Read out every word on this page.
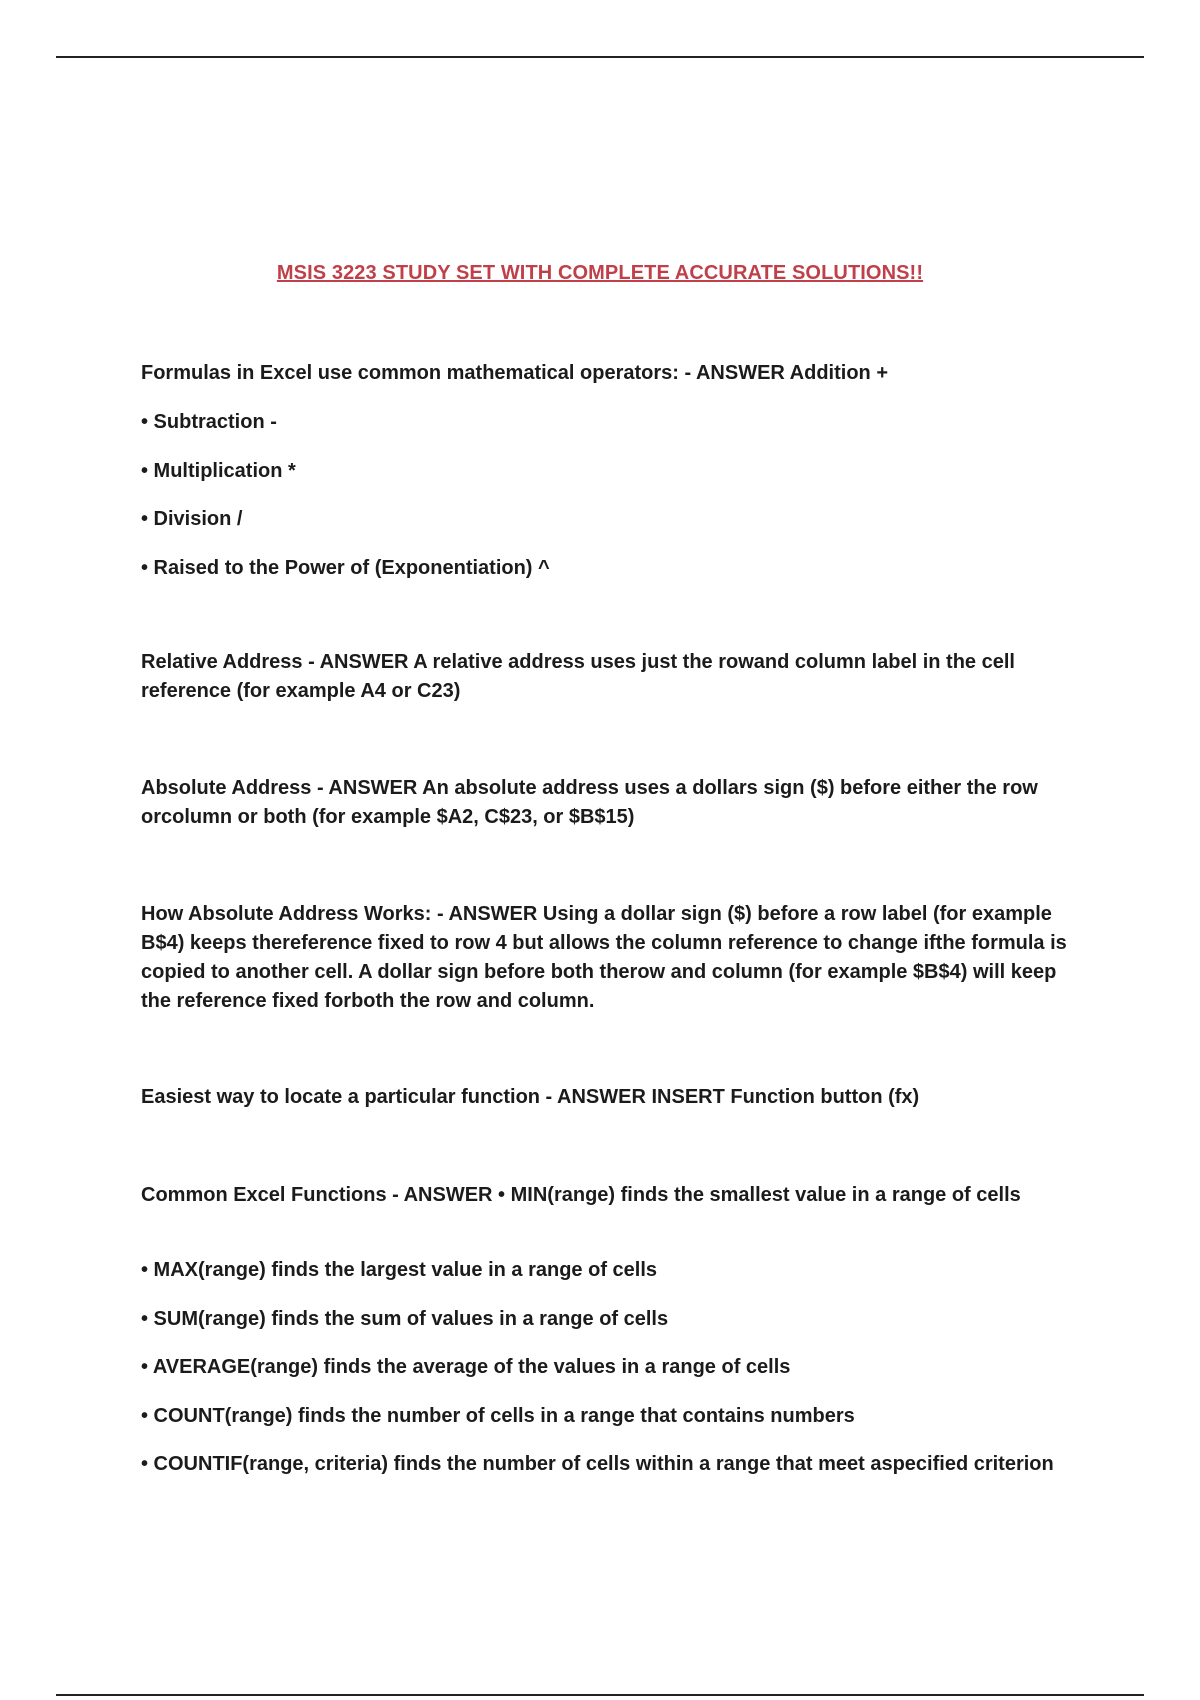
MSIS 3223 STUDY SET WITH COMPLETE ACCURATE SOLUTIONS!!

Formulas in Excel use common mathematical operators: - ANSWER Addition +

• Subtraction -

• Multiplication *

• Division /

• Raised to the Power of (Exponentiation) ^

Relative Address - ANSWER A relative address uses just the rowand column label in the cell reference (for example A4 or C23)

Absolute Address - ANSWER An absolute address uses a dollars sign ($) before either the row orcolumn or both (for example $A2, C$23, or $B$15)

How Absolute Address Works: - ANSWER Using a dollar sign ($) before a row label (for example B$4) keeps thereference fixed to row 4 but allows the column reference to change ifthe formula is copied to another cell. A dollar sign before both therow and column (for example $B$4) will keep the reference fixed forboth the row and column.

Easiest way to locate a particular function - ANSWER INSERT Function button (fx)

Common Excel Functions - ANSWER • MIN(range) finds the smallest value in a range of cells

• MAX(range) finds the largest value in a range of cells

• SUM(range) finds the sum of values in a range of cells

• AVERAGE(range) finds the average of the values in a range of cells

• COUNT(range) finds the number of cells in a range that contains numbers

• COUNTIF(range, criteria) finds the number of cells within a range that meet aspecified criterion
